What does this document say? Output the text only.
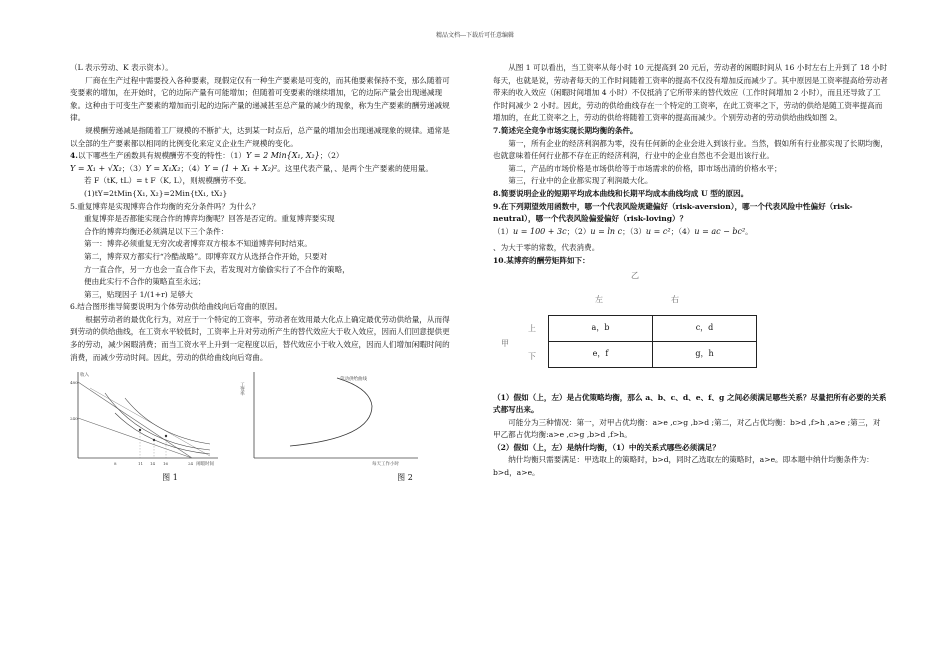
精品文档---下载后可任意编辑

（L 表示劳动、K 表示资本）。

厂商在生产过程中需要投入各种要素，现假定仅有一种生产要素是可变的，而其他要素保持不变，那么随着可变要素的增加，在开始时，它的边际产量有可能增加；但随着可变要素的继续增加，它的边际产量会出现递减现象。这种由于可变生产要素的增加而引起的边际产量的递减甚至总产量的减少的现象，称为生产要素的酬劳递减规律。

规模酬劳递减是指随着工厂规模的不断扩大，达到某一时点后，总产量的增加会出现递减现象的规律。通常是以全部的生产要素都以相同的比例变化来定义企业生产规模的变化。

4.以下哪些生产函数具有规模酬劳不变的特性：（1）Y = 2 Min{X₁, X₂}；（2）

Y = X₁ + √X₂；（3）Y = X₁X₂；（4）Y = (1 + X₁ + X₂)²。这里代表产量，、是两个生产要素的使用量。

若 F（tK, tL）= t F（K, L），则规模酬劳不变。

(1)tY=2tMin{X₁, X₂}=2Min{tX₁, tX₂}

5.重复博弈是实现博弈合作均衡的充分条件吗？为什么？

重复博弈是否都能实现合作的博弈均衡呢？回答是否定的。重复博弈要实现

合作的博弈均衡还必须满足以下三个条件：

第一：博弈必须重复无穷次或者博弈双方根本不知道博弈何时结束。

第二，博弈双方都实行“冷酷战略”。即博弈双方从选择合作开始，只要对

方一直合作，另一方也会一直合作下去，若发现对方偷偷实行了不合作的策略，

便由此实行不合作的策略直至永远；

第三，贴现因子 1/(1+r) 足够大

6.结合图形推导简要说明为个体劳动供给曲线向后弯曲的原因。

根据劳动者的最优化行为，对应于一个特定的工资率，劳动者在效用最大化点上确定最优劳动供给量，从而得到劳动的供给曲线，在工资水平较低时，工资率上升对劳动所产生的替代效应大于收入效应，因而人们回意提供更多的劳动，减少闲暇消费；而当工资水平上升到一定程度以后，替代效应小于收入效应，因而人们增加闲暇时间的消费，而减少劳动时间。因此，劳动的供给曲线向后弯曲。

收入
闲暇时间
480
240
8	11 14 16	24
工资率
每天工作小时
劳动供给曲线
图 1	图 2

从图 1 可以看出，当工资率从每小时 10 元提高到 20 元后，劳动者的闲暇时间从 16 小时左右上升到了 18 小时每天，也就是说，劳动者每天的工作时间随着工资率的提高不仅没有增加反而减少了。其中原因是工资率提高给劳动者带来的收入效应（闲暇时间增加 4 小时）不仅抵消了它所带来的替代效应（工作时间增加 2 小时），而且还导致了工作时间减少 2 小时。因此，劳动的供给曲线存在一个特定的工资率，在此工资率之下，劳动的供给是随工资率提高而增加的，在此工资率之上，劳动的供给将随着工资率的提高而减少。个别劳动者的劳动供给曲线如图 2。

7.简述完全竞争市场实现长期均衡的条件。

第一，所有企业的经济利润都为零，没有任何新的企业会进入到该行业。当然，假如所有行业都实现了长期均衡，也就意味着任何行业都不存在正的经济利润，行业中的企业自然也不会退出该行业。

第二，产品的市场价格是市场供给等于市场需求的价格，即市场出清的价格水平；

第三，行业中的企业都实现了利润最大化。

8.简要说明企业的短期平均成本曲线和长期平均成本曲线均成 U 型的原因。

9.在下列期望效用函数中，哪一个代表风险规避偏好（risk-aversion），哪一个代表风险中性偏好（risk-neutral），哪一个代表风险偏爱偏好（risk-loving）？

（1）u = 100 + 3c；（2）u = ln c；（3）u = c²；（4）u = ac − bc²。

、为大于零的常数，代表消费。

10.某博弈的酬劳矩阵如下：

乙
左	右
甲
上
下
a，b	c，d
e，f	g，h

（1）假如（上，左）是占优策略均衡，那么 a、b、c、d、e、f、g 之间必须满足哪些关系？尽量把所有必要的关系式都写出来。

可能分为三种情况：第一，对甲占优均衡：a>e ,c>g ,b>d ;第二，对乙占优均衡：b>d ,f>h ,a>e ;第三，对甲乙都占优均衡:a>e ,c>g ,b>d ,f>h。

（2）假如（上，左）是纳什均衡，（1）中的关系式哪些必须满足？

纳什均衡只需要满足：甲选取上的策略时，b>d，同时乙选取左的策略时，a>e。即本题中纳什均衡条件为：b>d，a>e。
